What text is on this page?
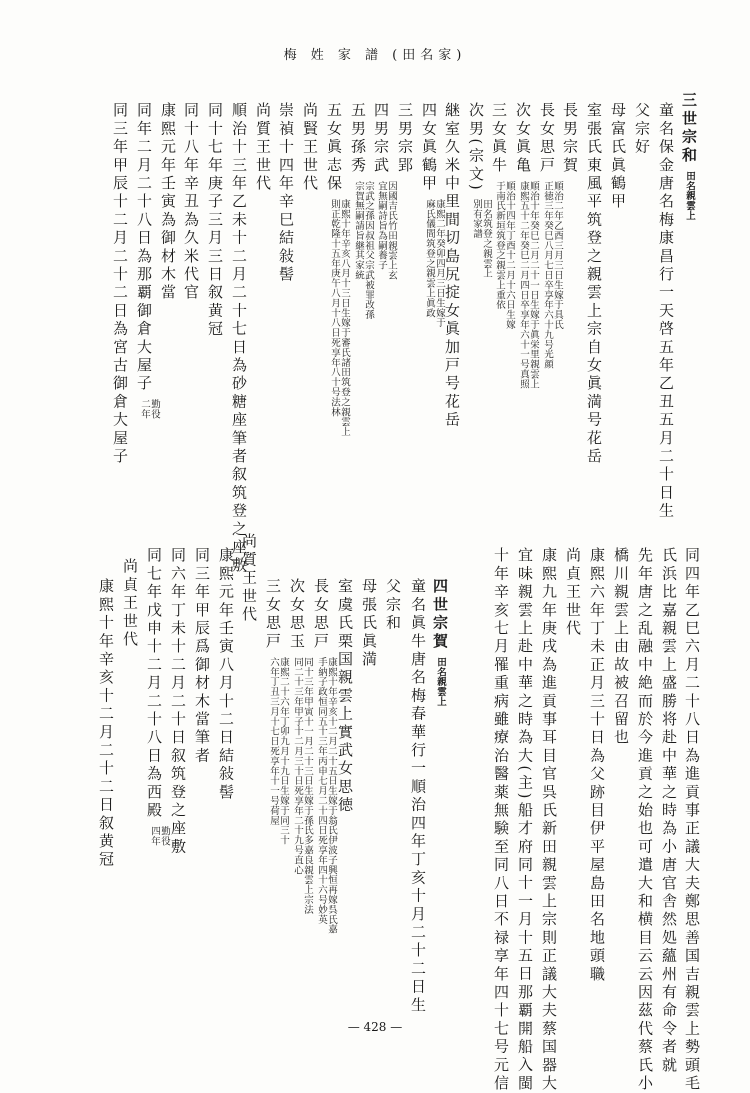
梅 姓 家 譜 (田名家)
三世宗和
田名親雲上
童名保金唐名梅康昌行一天啓五年乙丑五月二十日生
父宗好
母富氏眞鶴甲
室張氏東風平筑登之親雲上宗自女眞満号花岳
長男宗賀
長女思戸
順治二年乙酉三月三日生嫁于具氏
正徳三年癸巳八月七日卒享年六十九号光顔
次女眞亀
順治十年癸巳二月二十一日生嫁于眞栄里親雲上
康熙五十二年癸巳二月四日卒享年六十一号真照
三女眞牛
順治十四年丁酉十二月十六日生嫁
于南氏新垣筑登之親雲上重依
次男(宗文)
田名筑登之親雲上
別有家譜
継室久米中里間切島尻掟女眞加戸号花岳
四女眞鶴甲
康熙二年癸卯四月三日生嫁于
麻氏儀間筑登之親雲上眞政
三男宗郢
四男宗武
因國吉氏竹田親雲上玄
宜無嗣詩旨為嗣養子
五男孫秀
宗武之孫因叔祖父宗武被罪改孫
宗賀無嗣請旨継其家統
五女眞志保
康熙十年辛亥八月十三日生嫁于審氏諸田筑登之親雲上
則正乾隆十五年庚午八月十八日死享年八十号法林
尚賢王世代
崇禎十四年辛巳結敍髻
尚質王世代
順治十三年乙未十二月二十七日為砂糖座筆者叙筑登之座敷
同十七年庚子三月三日叙黄冠
同十八年辛丑為久米代官
康熙元年壬寅為御材木當
同年二月二十八日為那覇御倉大屋子
勤役
二年
同三年甲辰十二月二十二日為宮古御倉大屋子
同四年乙巳六月二十八日為進貢事正議大夫鄭思善国吉親雲上勢頭毛
氏浜比嘉親雲上盛勝将赴中華之時為小唐官舎然処蘊州有命令者就
先年唐之乱融中絶而於今進貢之始也可遣大和横目云云因茲代蔡氏小
橋川親雲上由故被召留也
康熙六年丁未正月三十日為父跡目伊平屋島田名地頭職
尚貞王世代
康熙九年庚戌為進貢事耳目官呉氏新田親雲上宗則正議大夫蔡国器大
宜味親雲上赴中華之時為大(主)船才府同十一月十五日那覇開船入閩
十年辛亥七月罹重病雖療治醫薬無験至同八日不禄享年四十七号元信
四世宗賀
田名親雲上
童名眞牛唐名梅春華行一順治四年丁亥十月二十二日生
父宗和
母張氏眞満
室虞氏栗国親雲上實武女思徳
長女思戸
康熙十年辛亥十二月二十五日生嫁于翁氏伊波子興恒再嫁呉氏嘉
手納子政恒同五十三年丙申七月二十四日死享年四十六号妙英
次女思玉
同十三年甲寅十一月二十三日生嫁于孫氏多嘉良親雲上宗法
同二十三年甲子十二月三十日死享年二十九号直心
三女思戸
康熙二十六年丁卯九月十九日生嫁于同三十
六年丁丑三月十七日死享年十一号荷屋
尚質王世代
康熙元年壬寅八月十二日結敍髻
同三年甲辰爲御材木當筆者
同六年丁未十二月二十日叙筑登之座敷
同七年戊申十二月二十八日為西殿
勤役
四年
尚貞王世代
康熙十年辛亥十二月二十二日叙黄冠
— 428 —
